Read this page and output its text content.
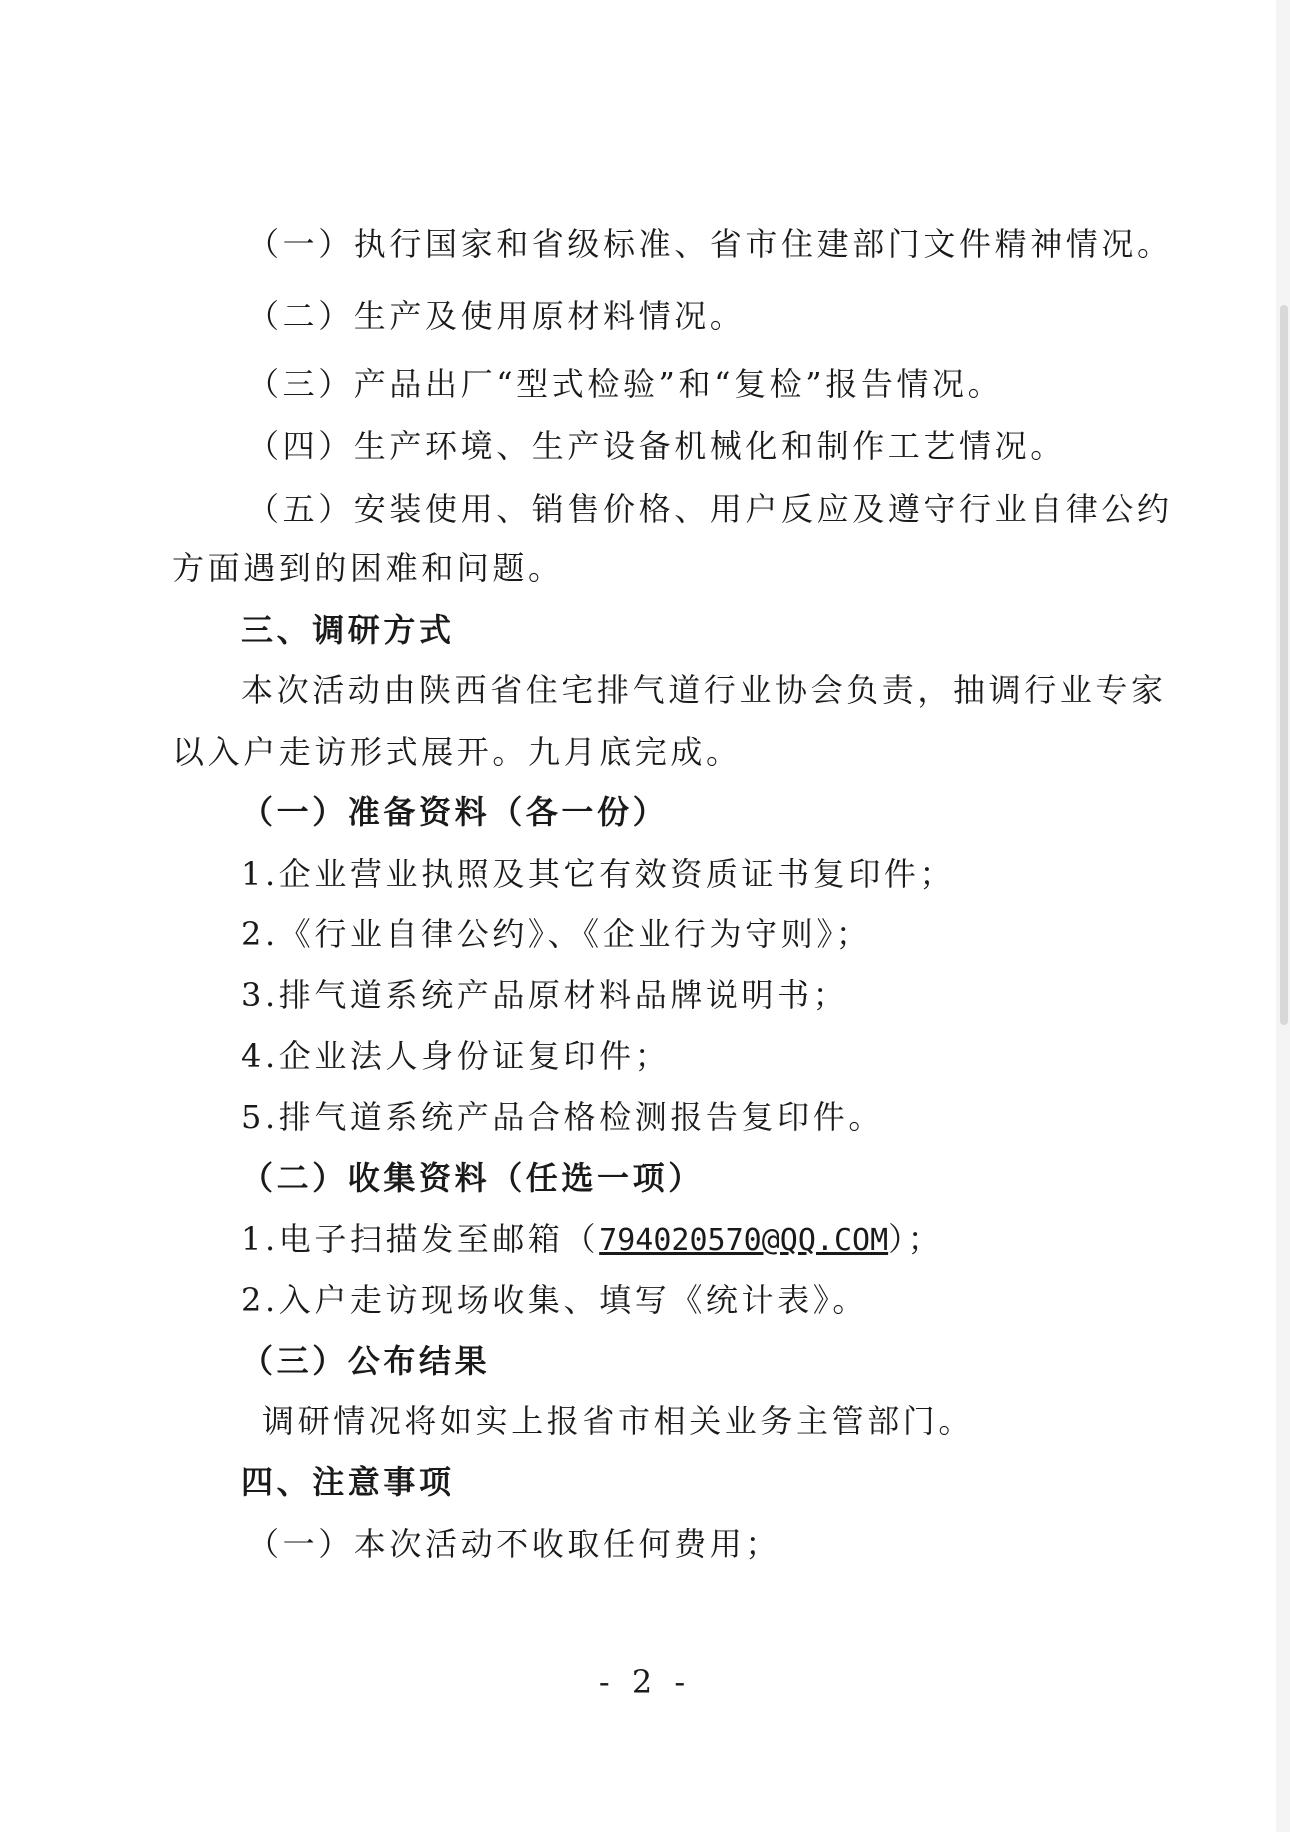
（一）执行国家和省级标准、省市住建部门文件精神情况。
（二）生产及使用原材料情况。
（三）产品出厂“型式检验”和“复检”报告情况。
（四）生产环境、生产设备机械化和制作工艺情况。
（五）安装使用、销售价格、用户反应及遵守行业自律公约
方面遇到的困难和问题。
三、调研方式
本次活动由陕西省住宅排气道行业协会负责，抽调行业专家
以入户走访形式展开。九月底完成。
（一）准备资料（各一份）
1.企业营业执照及其它有效资质证书复印件；
2.《行业自律公约》、《企业行为守则》；
3.排气道系统产品原材料品牌说明书；
4.企业法人身份证复印件；
5.排气道系统产品合格检测报告复印件。
（二）收集资料（任选一项）
1.电子扫描发至邮箱（794020570@QQ.COM）；
2.入户走访现场收集、填写《统计表》。
（三）公布结果
调研情况将如实上报省市相关业务主管部门。
四、注意事项
（一）本次活动不收取任何费用；
- 2 -
